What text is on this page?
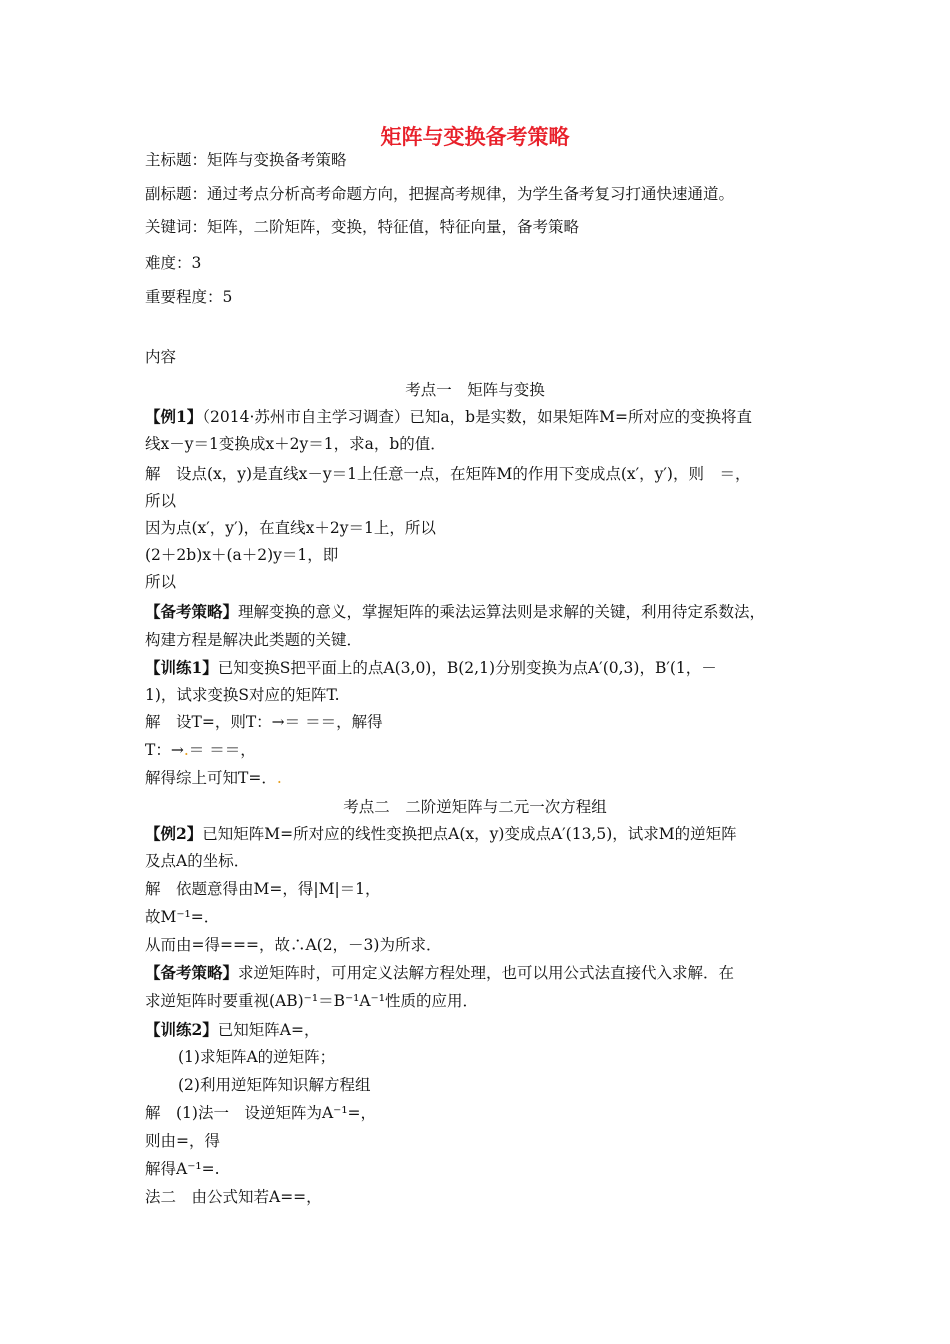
矩阵与变换备考策略
主标题：矩阵与变换备考策略
副标题：通过考点分析高考命题方向，把握高考规律，为学生备考复习打通快速通道。
关键词：矩阵，二阶矩阵，变换，特征值，特征向量，备考策略
难度：3
重要程度：5
内容
考点一　矩阵与变换
【例1】（2014·苏州市自主学习调查）已知a，b是实数，如果矩阵M=所对应的变换将直
线x－y＝1变换成x＋2y＝1，求a，b的值．
解　设点(x，y)是直线x－y＝1上任意一点，在矩阵M的作用下变成点(x′，y′)，则　＝，
所以
因为点(x′，y′)，在直线x＋2y＝1上，所以
(2＋2b)x＋(a＋2)y＝1，即
所以
【备考策略】理解变换的意义，掌握矩阵的乘法运算法则是求解的关键，利用待定系数法，
构建方程是解决此类题的关键．
【训练1】已知变换S把平面上的点A(3,0)，B(2,1)分别变换为点A′(0,3)，B′(1，－
1)，试求变换S对应的矩阵T.
解　设T=，则T：→＝ ＝＝，解得
T：→.＝ ＝＝，
解得综上可知T=．.
考点二　二阶逆矩阵与二元一次方程组
【例2】已知矩阵M=所对应的线性变换把点A(x，y)变成点A′(13,5)，试求M的逆矩阵
及点A的坐标．
解　依题意得由M=，得|M|＝1，
故M⁻¹=．
从而由=得===，故∴A(2，－3)为所求．
【备考策略】求逆矩阵时，可用定义法解方程处理，也可以用公式法直接代入求解．在
求逆矩阵时要重视(AB)⁻¹＝B⁻¹A⁻¹性质的应用．
【训练2】已知矩阵A=，
(1)求矩阵A的逆矩阵；
(2)利用逆矩阵知识解方程组
解　(1)法一　设逆矩阵为A⁻¹=，
则由=，得
解得A⁻¹=.
法二　由公式知若A==，
